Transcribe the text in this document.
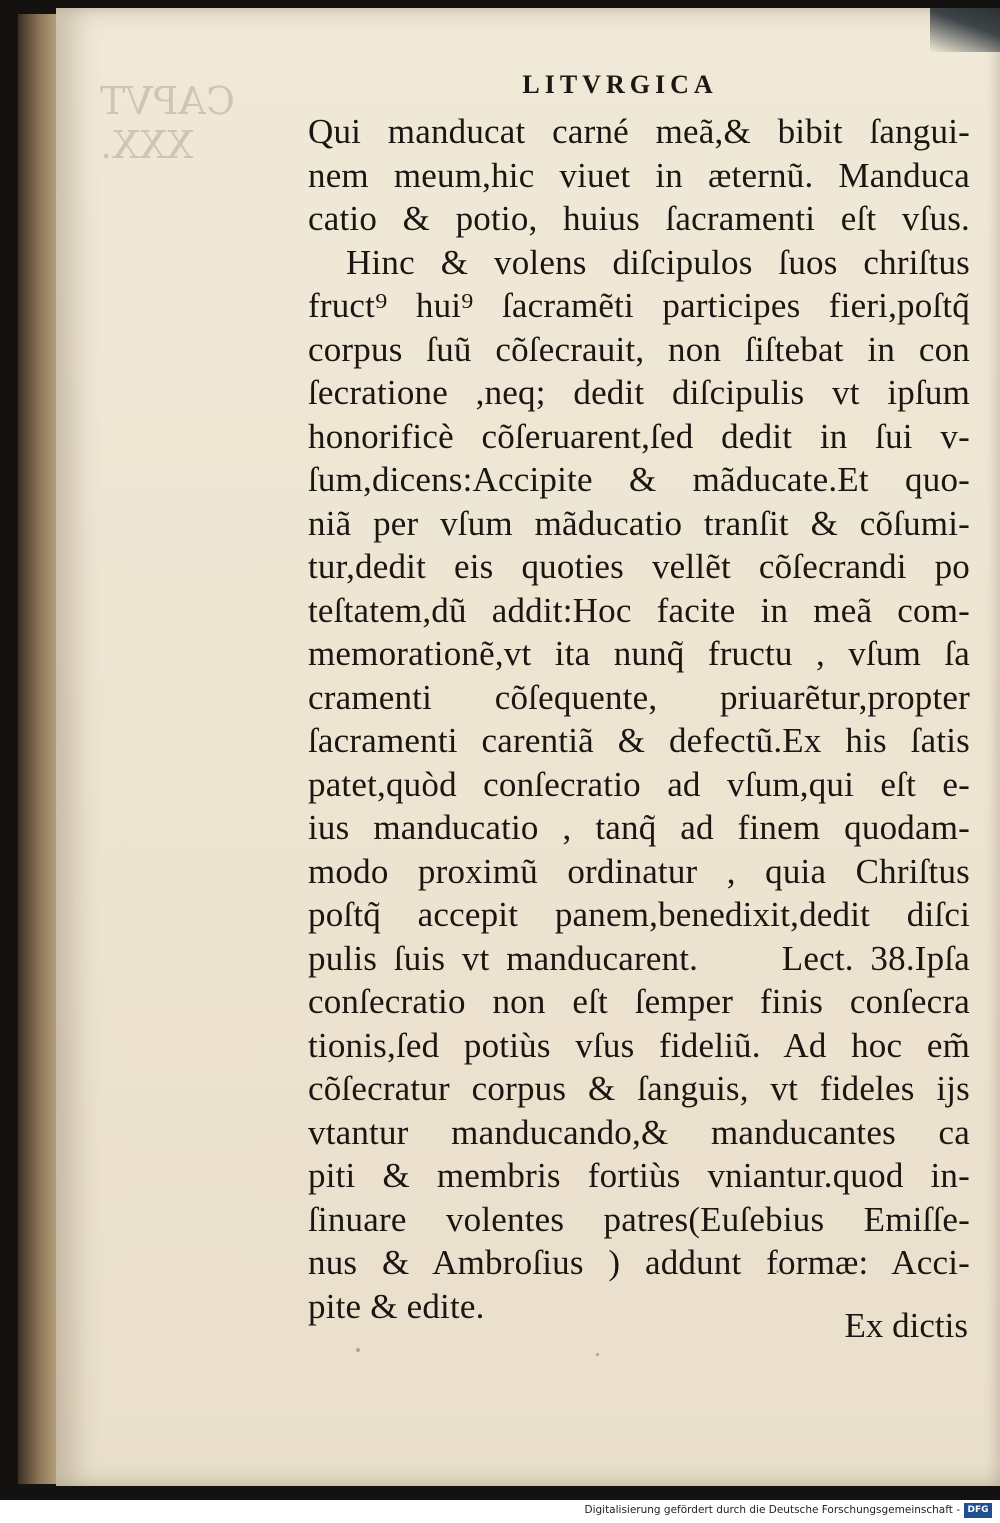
CAPVT
XXX.
LITVRGICA
Qui manducat carné meã,& bibit ſangui-
nem meum,hic viuet in æternũ. Manduca
catio & potio, huius ſacramenti eſt vſus.
Hinc & volens diſcipulos ſuos chriſtus
fruct⁹ hui⁹ ſacramẽti participes fieri,poſtq̃
corpus ſuũ cõſecrauit, non ſiſtebat in con
ſecratione ,neq; dedit diſcipulis vt ipſum
honorificè cõſeruarent,ſed dedit in ſui v-
ſum,dicens:Accipite & mãducate.Et quo-
niã per vſum mãducatio tranſit & cõſumi-
tur,dedit eis quoties vellẽt cõſecrandi po
teſtatem,dũ addit:Hoc facite in meã com-
memorationẽ,vt ita nunq̃ fructu , vſum ſa
cramenti cõſequente, priuarẽtur,propter
ſacramenti carentiã & defectũ.Ex his ſatis
patet,quòd conſecratio ad vſum,qui eſt e-
ius manducatio , tanq̃ ad finem quodam-
modo proximũ ordinatur , quia Chriſtus
poſtq̃ accepit panem,benedixit,dedit diſci
pulis ſuis vt manducarent.     Lect. 38.Ipſa
conſecratio non eſt ſemper finis conſecra
tionis,ſed potiùs vſus fideliũ. Ad hoc em̃
cõſecratur corpus & ſanguis, vt fideles ijs
vtantur manducando,& manducantes ca
piti & membris fortiùs vniantur.quod in-
ſinuare volentes patres(Euſebius Emiſſe-
nus & Ambroſius ) addunt formæ: Acci-
pite & edite.	Ex dictis
Digitalisierung gefördert durch die Deutsche Forschungsgemeinschaft - DFG
